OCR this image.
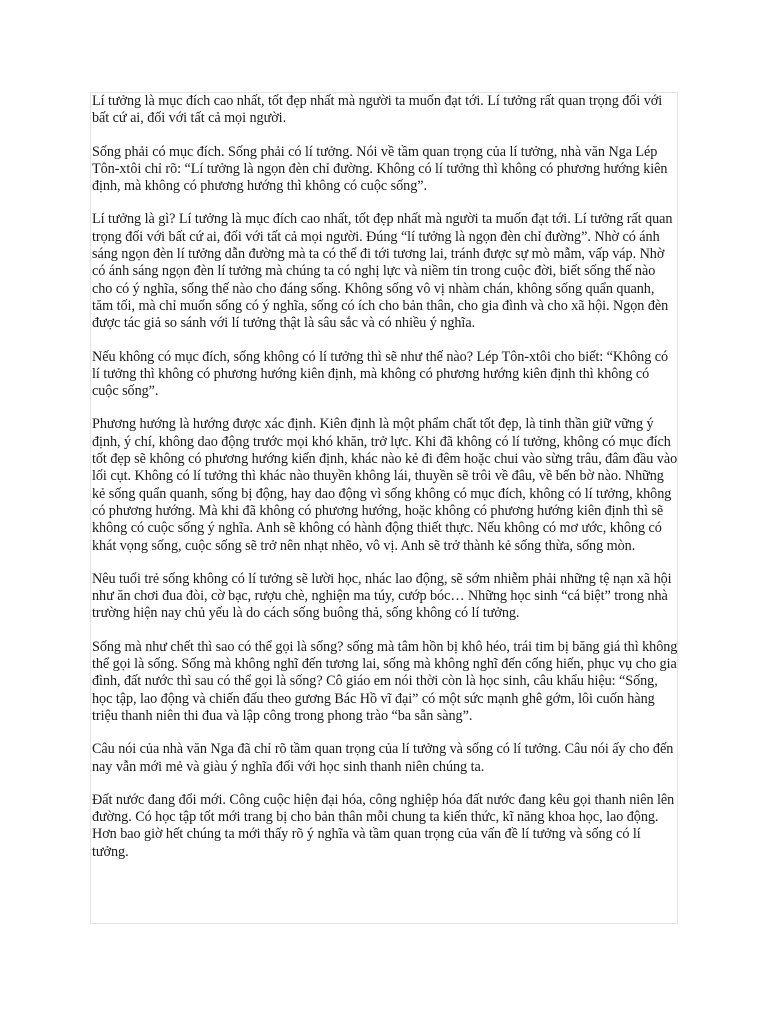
Lí tưởng là mục đích cao nhất, tốt đẹp nhất mà người ta muốn đạt tới. Lí tưởng rất quan trọng đối với bất cứ ai, đối với tất cả mọi người.

Sống phải có mục đích. Sống phải có lí tưởng. Nói về tầm quan trọng của lí tưởng, nhà văn Nga Lép Tôn-xtôi chỉ rõ: “Lí tưởng là ngọn đèn chỉ đường. Không có lí tưởng thì không có phương hướng kiên định, mà không có phương hướng thì không có cuộc sống”.

Lí tưởng là gì? Lí tưởng là mục đích cao nhất, tốt đẹp nhất mà người ta muốn đạt tới. Lí tưởng rất quan trọng đối với bất cứ ai, đối với tất cả mọi người. Đúng “lí tưởng là ngọn đèn chỉ đường”. Nhờ có ánh sáng ngọn đèn lí tưởng dẫn đường mà ta có thể đi tới tương lai, tránh được sự mò mẫm, vấp váp. Nhờ có ánh sáng ngọn đèn lí tưởng mà chúng ta có nghị lực và niềm tin trong cuộc đời, biết sống thế nào cho có ý nghĩa, sống thế nào cho đáng sống. Không sống vô vị nhàm chán, không sống quẩn quanh, tăm tối, mà chỉ muốn sống có ý nghĩa, sống có ích cho bản thân, cho gia đình và cho xã hội. Ngọn đèn được tác giả so sánh với lí tưởng thật là sâu sắc và có nhiều ý nghĩa.

Nếu không có mục đích, sống không có lí tưởng thì sẽ như thế nào? Lép Tôn-xtôi cho biết: “Không có lí tưởng thì không có phương hướng kiên định, mà không có phương hướng kiên định thì không có cuộc sống”.

Phương hướng là hướng được xác định. Kiên định là một phẩm chất tốt đẹp, là tinh thần giữ vững ý định, ý chí, không dao động trước mọi khó khăn, trở lực. Khi đã không có lí tưởng, không có mục đích tốt đẹp sẽ không có phương hướng kiến định, khác nào kẻ đi đêm hoặc chui vào sừng trâu, đâm đầu vào lối cụt. Không có lí tưởng thì khác nào thuyền không lái, thuyền sẽ trôi về đâu, về bến bờ nào. Những kẻ sống quẩn quanh, sống bị động, hay dao động vì sống không có mục đích, không có lí tưởng, không có phương hướng. Mà khi đã không có phương hướng, hoặc không có phương hướng kiên định thì sẽ không có cuộc sống ý nghĩa. Anh sẽ không có hành động thiết thực. Nếu không có mơ ước, không có khát vọng sống, cuộc sống sẽ trở nên nhạt nhẽo, vô vị. Anh sẽ trở thành kẻ sống thừa, sống mòn.

Nêu tuổi trẻ sống không có lí tưởng sẽ lười học, nhác lao động, sẽ sớm nhiễm phải những tệ nạn xã hội như ăn chơi đua đòi, cờ bạc, rượu chè, nghiện ma túy, cướp bóc… Những học sinh “cá biệt” trong nhà trường hiện nay chủ yếu là do cách sống buông thả, sống không có lí tưởng.

Sống mà như chết thì sao có thể gọi là sống? sống mà tâm hồn bị khô héo, trái tim bị băng giá thì không thể gọi là sống. Sống mà không nghĩ đến tương lai, sống mà không nghĩ đến cống hiến, phục vụ cho gia đình, đất nước thì sau có thể gọi là sống? Cô giáo em nói thời còn là học sinh, câu khẩu hiệu: “Sống, học tập, lao động và chiến đấu theo gương Bác Hồ vĩ đại” có một sức mạnh ghê gớm, lôi cuốn hàng triệu thanh niên thi đua và lập công trong phong trào “ba sẵn sàng”.

Câu nói của nhà văn Nga đã chỉ rõ tầm quan trọng của lí tưởng và sống có lí tưởng. Câu nói ấy cho đến nay vẫn mới mẻ và giàu ý nghĩa đối với học sinh thanh niên chúng ta.

Đất nước đang đổi mới. Công cuộc hiện đại hóa, công nghiệp hóa đất nước đang kêu gọi thanh niên lên đường. Có học tập tốt mới trang bị cho bản thân mỗi chung ta kiến thức, kĩ năng khoa học, lao động. Hơn bao giờ hết chúng ta mới thấy rõ ý nghĩa và tầm quan trọng của vấn đề lí tưởng và sống có lí tưởng.
